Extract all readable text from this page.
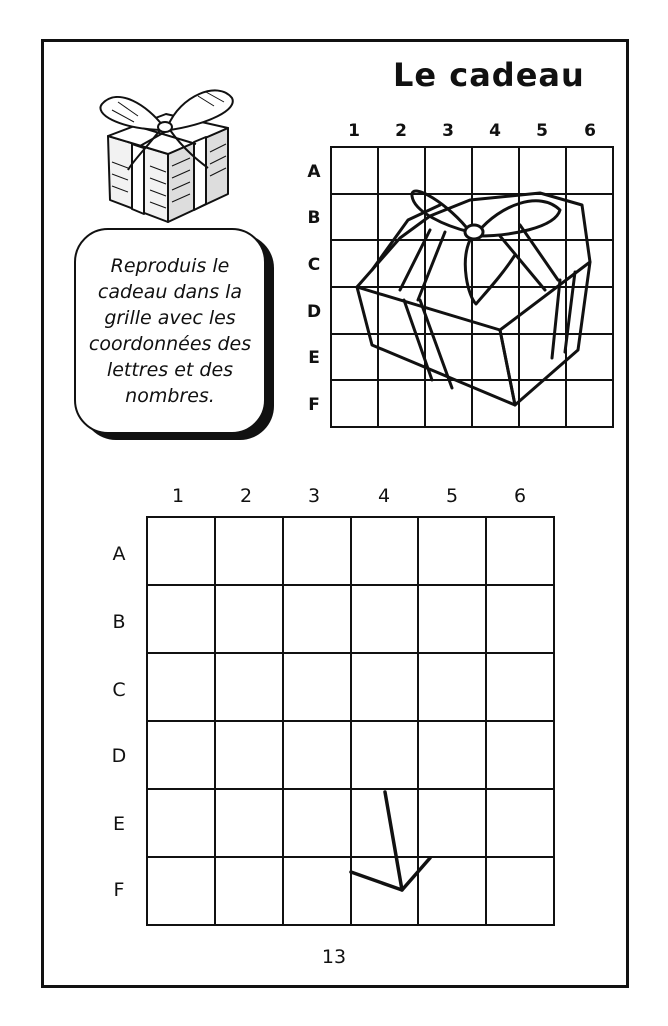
Le cadeau
Reproduis le cadeau dans la grille avec les coordonnées des lettres et des nombres.
1	2	3	4	5	6
A
B
C
D
E
F
1	2	3	4	5	6
A
B
C
D
E
F
13
